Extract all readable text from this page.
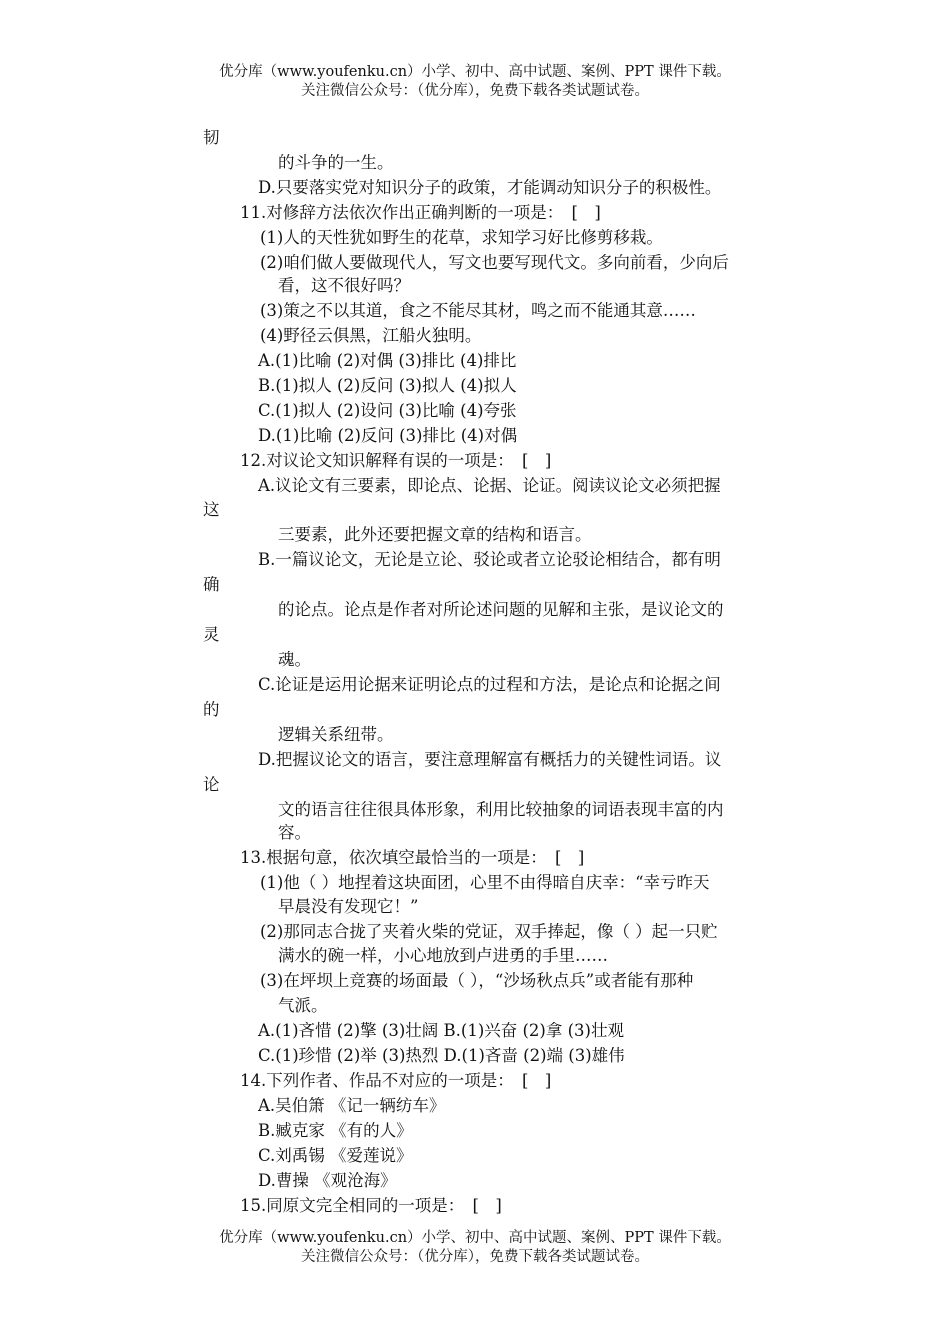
优分库（www.youfenku.cn）小学、初中、高中试题、案例、PPT 课件下载。
关注微信公众号：（优分库），免费下载各类试题试卷。
韧
的斗争的一生。
D.只要落实党对知识分子的政策，才能调动知识分子的积极性。
11.对修辞方法依次作出正确判断的一项是：　[　]
(1)人的天性犹如野生的花草，求知学习好比修剪移栽。
(2)咱们做人要做现代人，写文也要写现代文。多向前看，少向后
看，这不很好吗？
(3)策之不以其道，食之不能尽其材，鸣之而不能通其意……
(4)野径云俱黑，江船火独明。
A.(1)比喻 (2)对偶 (3)排比 (4)排比
B.(1)拟人 (2)反问 (3)拟人 (4)拟人
C.(1)拟人 (2)设问 (3)比喻 (4)夸张
D.(1)比喻 (2)反问 (3)排比 (4)对偶
12.对议论文知识解释有误的一项是：　[　]
A.议论文有三要素，即论点、论据、论证。阅读议论文必须把握
这
三要素，此外还要把握文章的结构和语言。
B.一篇议论文，无论是立论、驳论或者立论驳论相结合，都有明
确
的论点。论点是作者对所论述问题的见解和主张，是议论文的
灵
魂。
C.论证是运用论据来证明论点的过程和方法，是论点和论据之间
的
逻辑关系纽带。
D.把握议论文的语言，要注意理解富有概括力的关键性词语。议
论
文的语言往往很具体形象，利用比较抽象的词语表现丰富的内
容。
13.根据句意，依次填空最恰当的一项是：　[　]
(1)他（ ）地捏着这块面团，心里不由得暗自庆幸：“幸亏昨天
早晨没有发现它！”
(2)那同志合拢了夹着火柴的党证，双手捧起，像（ ）起一只贮
满水的碗一样，小心地放到卢进勇的手里……
(3)在坪坝上竞赛的场面最（ ），“沙场秋点兵”或者能有那种
气派。
A.(1)吝惜 (2)擎 (3)壮阔 B.(1)兴奋 (2)拿 (3)壮观
C.(1)珍惜 (2)举 (3)热烈 D.(1)吝啬 (2)端 (3)雄伟
14.下列作者、作品不对应的一项是：　[　]
A.吴伯箫 《记一辆纺车》
B.臧克家 《有的人》
C.刘禹锡 《爱莲说》
D.曹操 《观沧海》
15.同原文完全相同的一项是：　[　]
优分库（www.youfenku.cn）小学、初中、高中试题、案例、PPT 课件下载。
关注微信公众号：（优分库），免费下载各类试题试卷。
